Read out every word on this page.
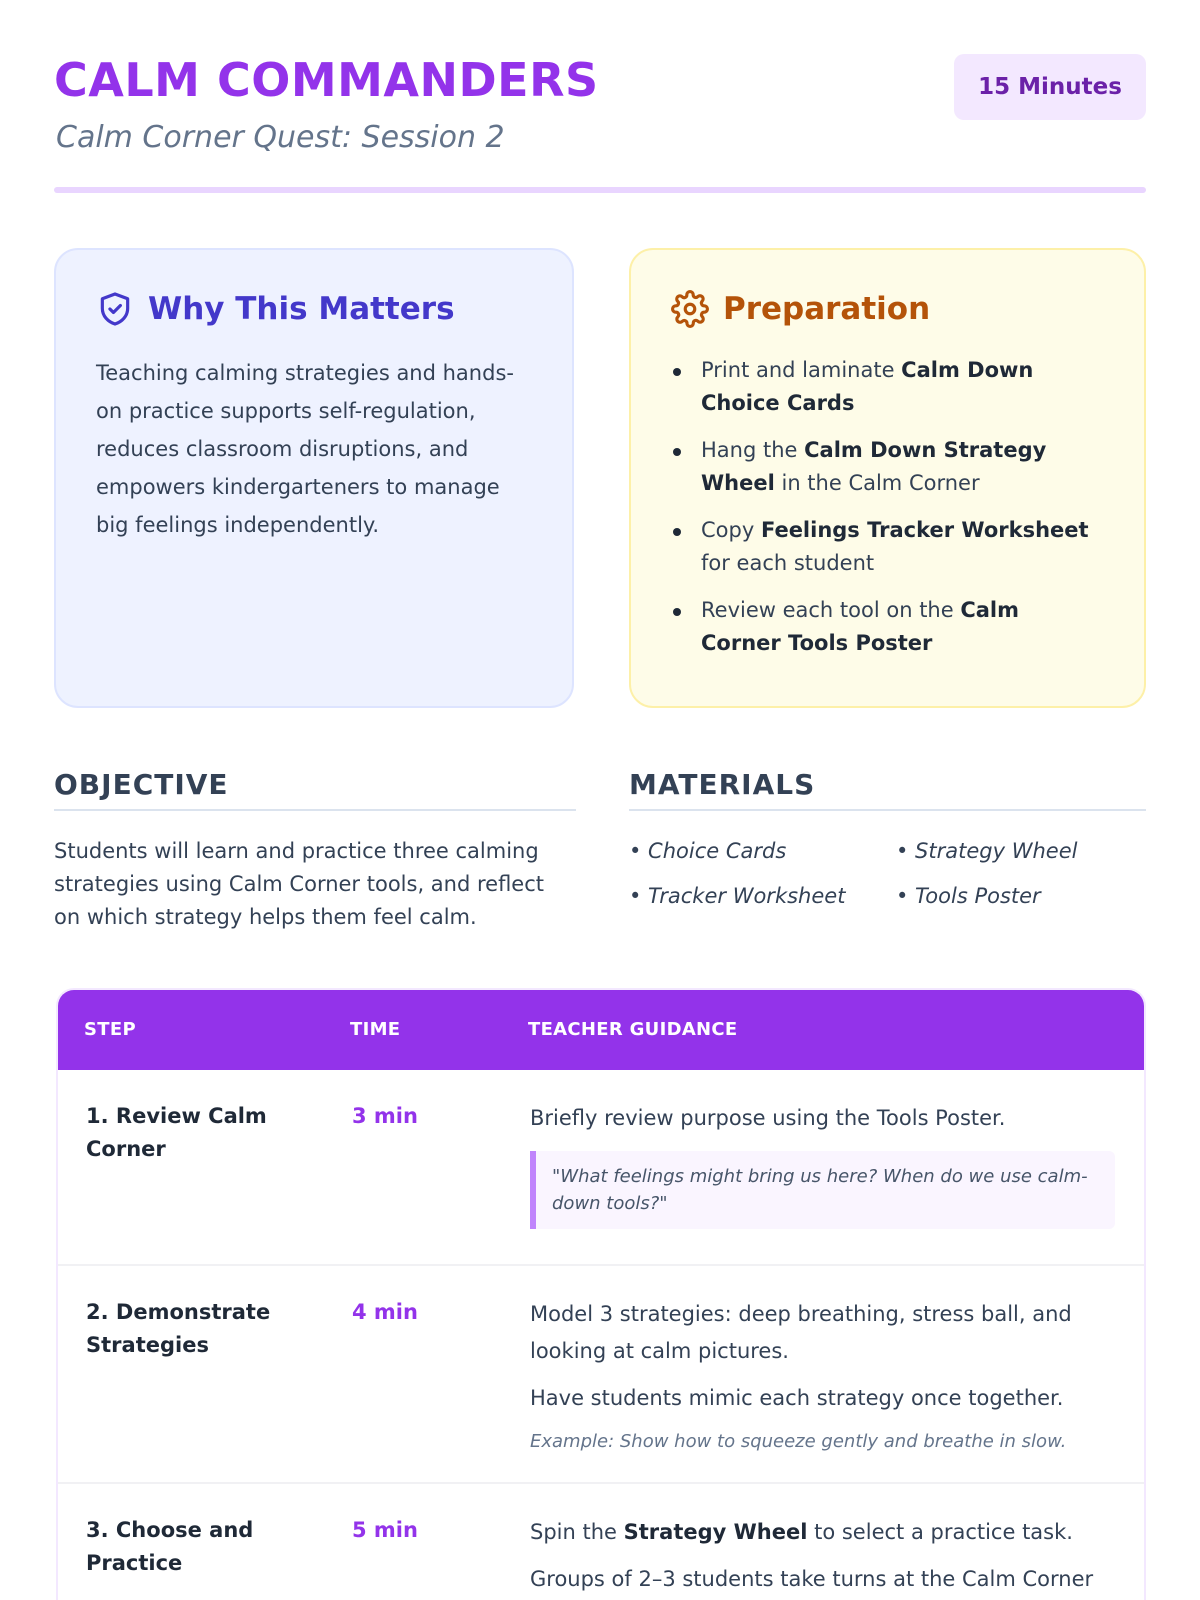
CALM COMMANDERS
Calm Corner Quest: Session 2
15 Minutes
Why This Matters

Teaching calming strategies and hands-on practice supports self-regulation, reduces classroom disruptions, and empowers kindergarteners to manage big feelings independently.

Preparation
Print and laminate Calm Down Choice Cards
Hang the Calm Down Strategy Wheel in the Calm Corner
Copy Feelings Tracker Worksheet for each student
Review each tool on the Calm Corner Tools Poster
OBJECTIVE

Students will learn and practice three calming strategies using Calm Corner tools, and reflect on which strategy helps them feel calm.

MATERIALS
• Choice Cards	• Strategy Wheel
• Tracker Worksheet	• Tools Poster
STEP	TIME	TEACHER GUIDANCE
1. Review Calm Corner
3 min	Briefly review purpose using the Tools Poster.

"What feelings might bring us here? When do we use calm-down tools?"
2. Demonstrate Strategies
4 min	Model 3 strategies: deep breathing, stress ball, and looking at calm pictures.

Have students mimic each strategy once together.

Example: Show how to squeeze gently and breathe in slow.
3. Choose and Practice
5 min	Spin the Strategy Wheel to select a practice task.

Groups of 2–3 students take turns at the Calm Corner
